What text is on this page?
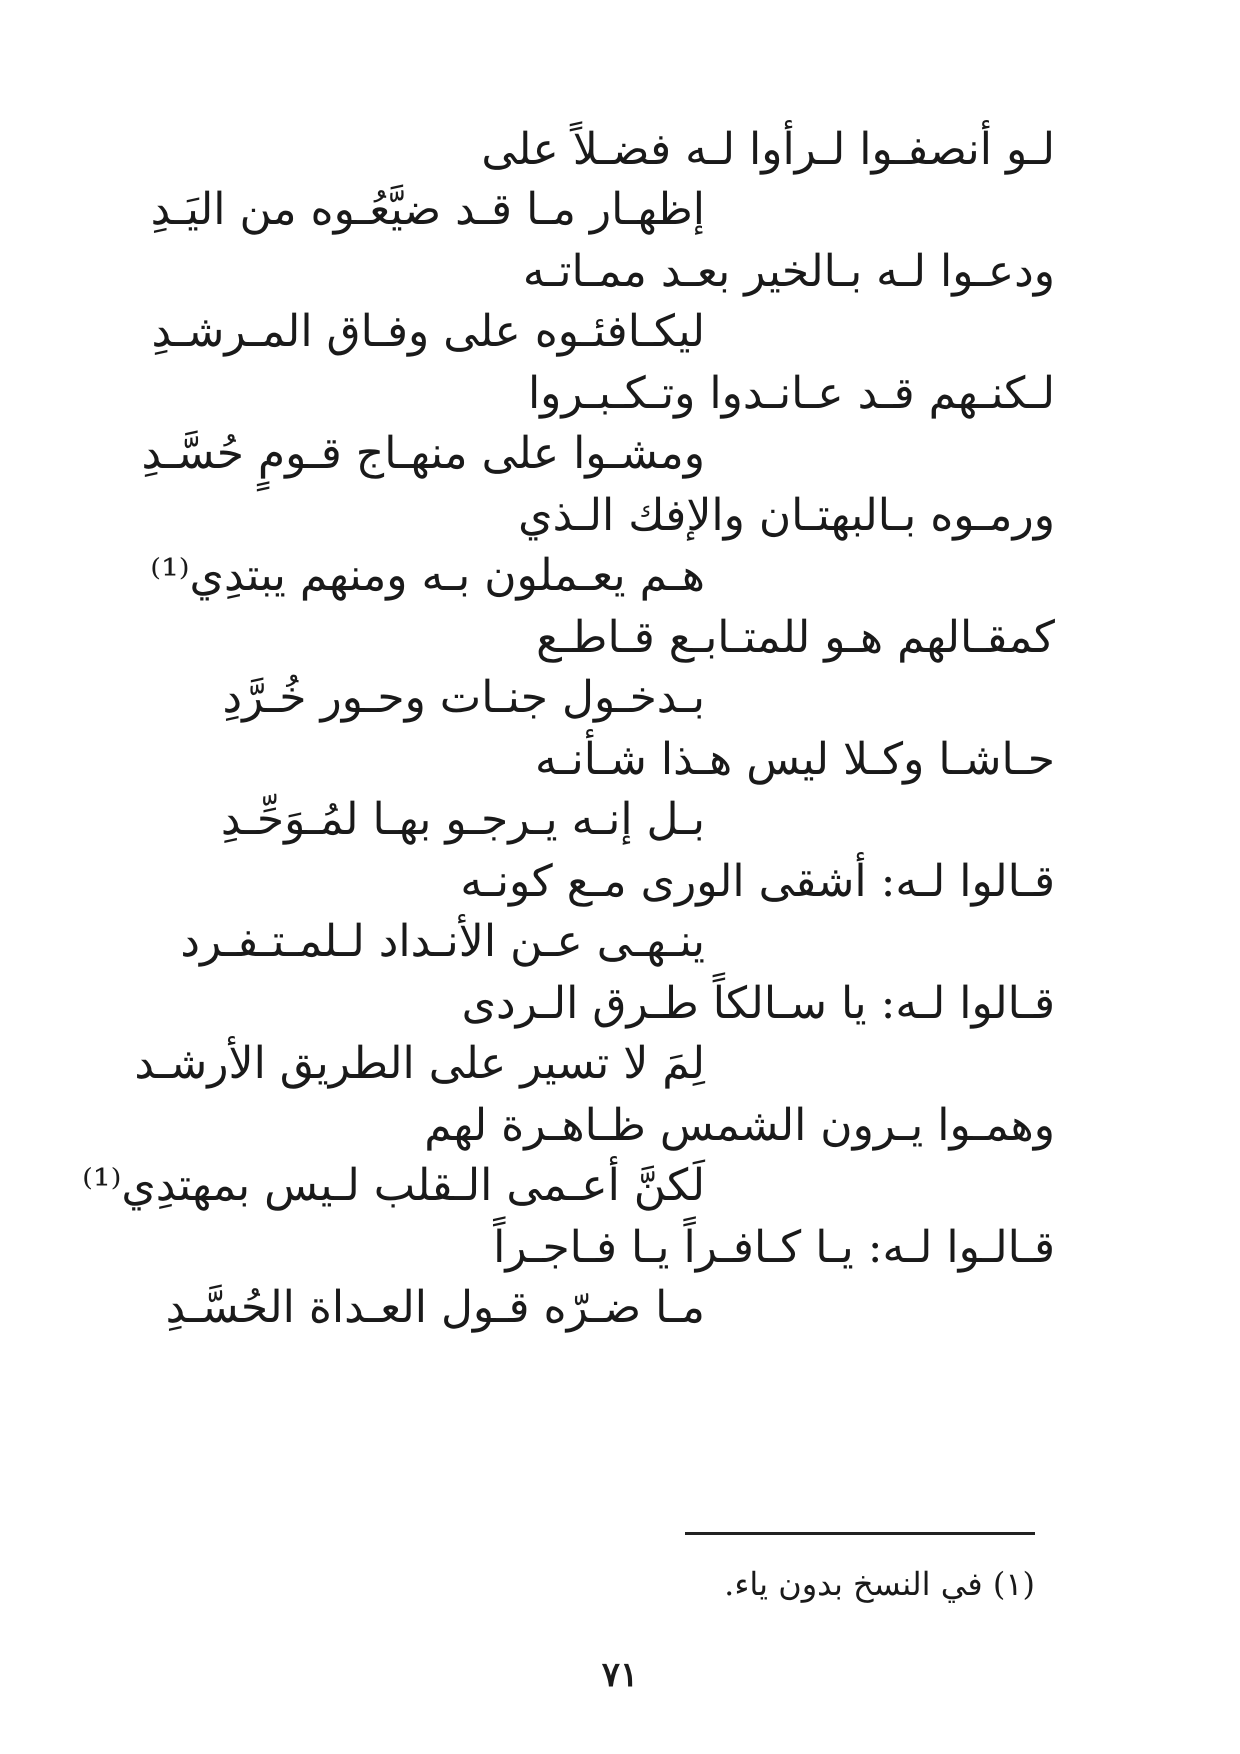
لـو أنصفـوا لـرأوا لـه فضـلاً على
إظهـار مـا قـد ضيَّعُـوه من اليَـدِ
ودعـوا لـه بـالخير بعـد ممـاتـه
ليكـافئـوه على وفـاق المـرشـدِ
لـكنـهم قـد عـانـدوا وتـكـبـروا
ومشـوا على منهـاج قـومٍ حُسَّـدِ
ورمـوه بـالبهتـان والإفك الـذي
هـم يعـملون بـه ومنهم يبتدِي⁽¹⁾
كمقـالهم هـو للمتـابـع قـاطـع
بـدخـول جنـات وحـور خُـرَّدِ
حـاشـا وكـلا ليس هـذا شـأنـه
بـل إنـه يـرجـو بهـا لمُـوَحِّـدِ
قـالوا لـه: أشقى الورى مـع كونـه
ينـهـى عـن الأنـداد لـلمـتـفـرد
قـالوا لـه: يا سـالكاً طـرق الـردى
لِمَ لا تسير على الطريق الأرشـد
وهمـوا يـرون الشمس ظـاهـرة لهم
لَكنَّ أعـمى الـقلب لـيس بمهتدِي⁽¹⁾
قـالـوا لـه: يـا كـافـراً يـا فـاجـراً
مـا ضـرّه قـول العـداة الحُسَّـدِ
(١) في النسخ بدون ياء.
٧١
